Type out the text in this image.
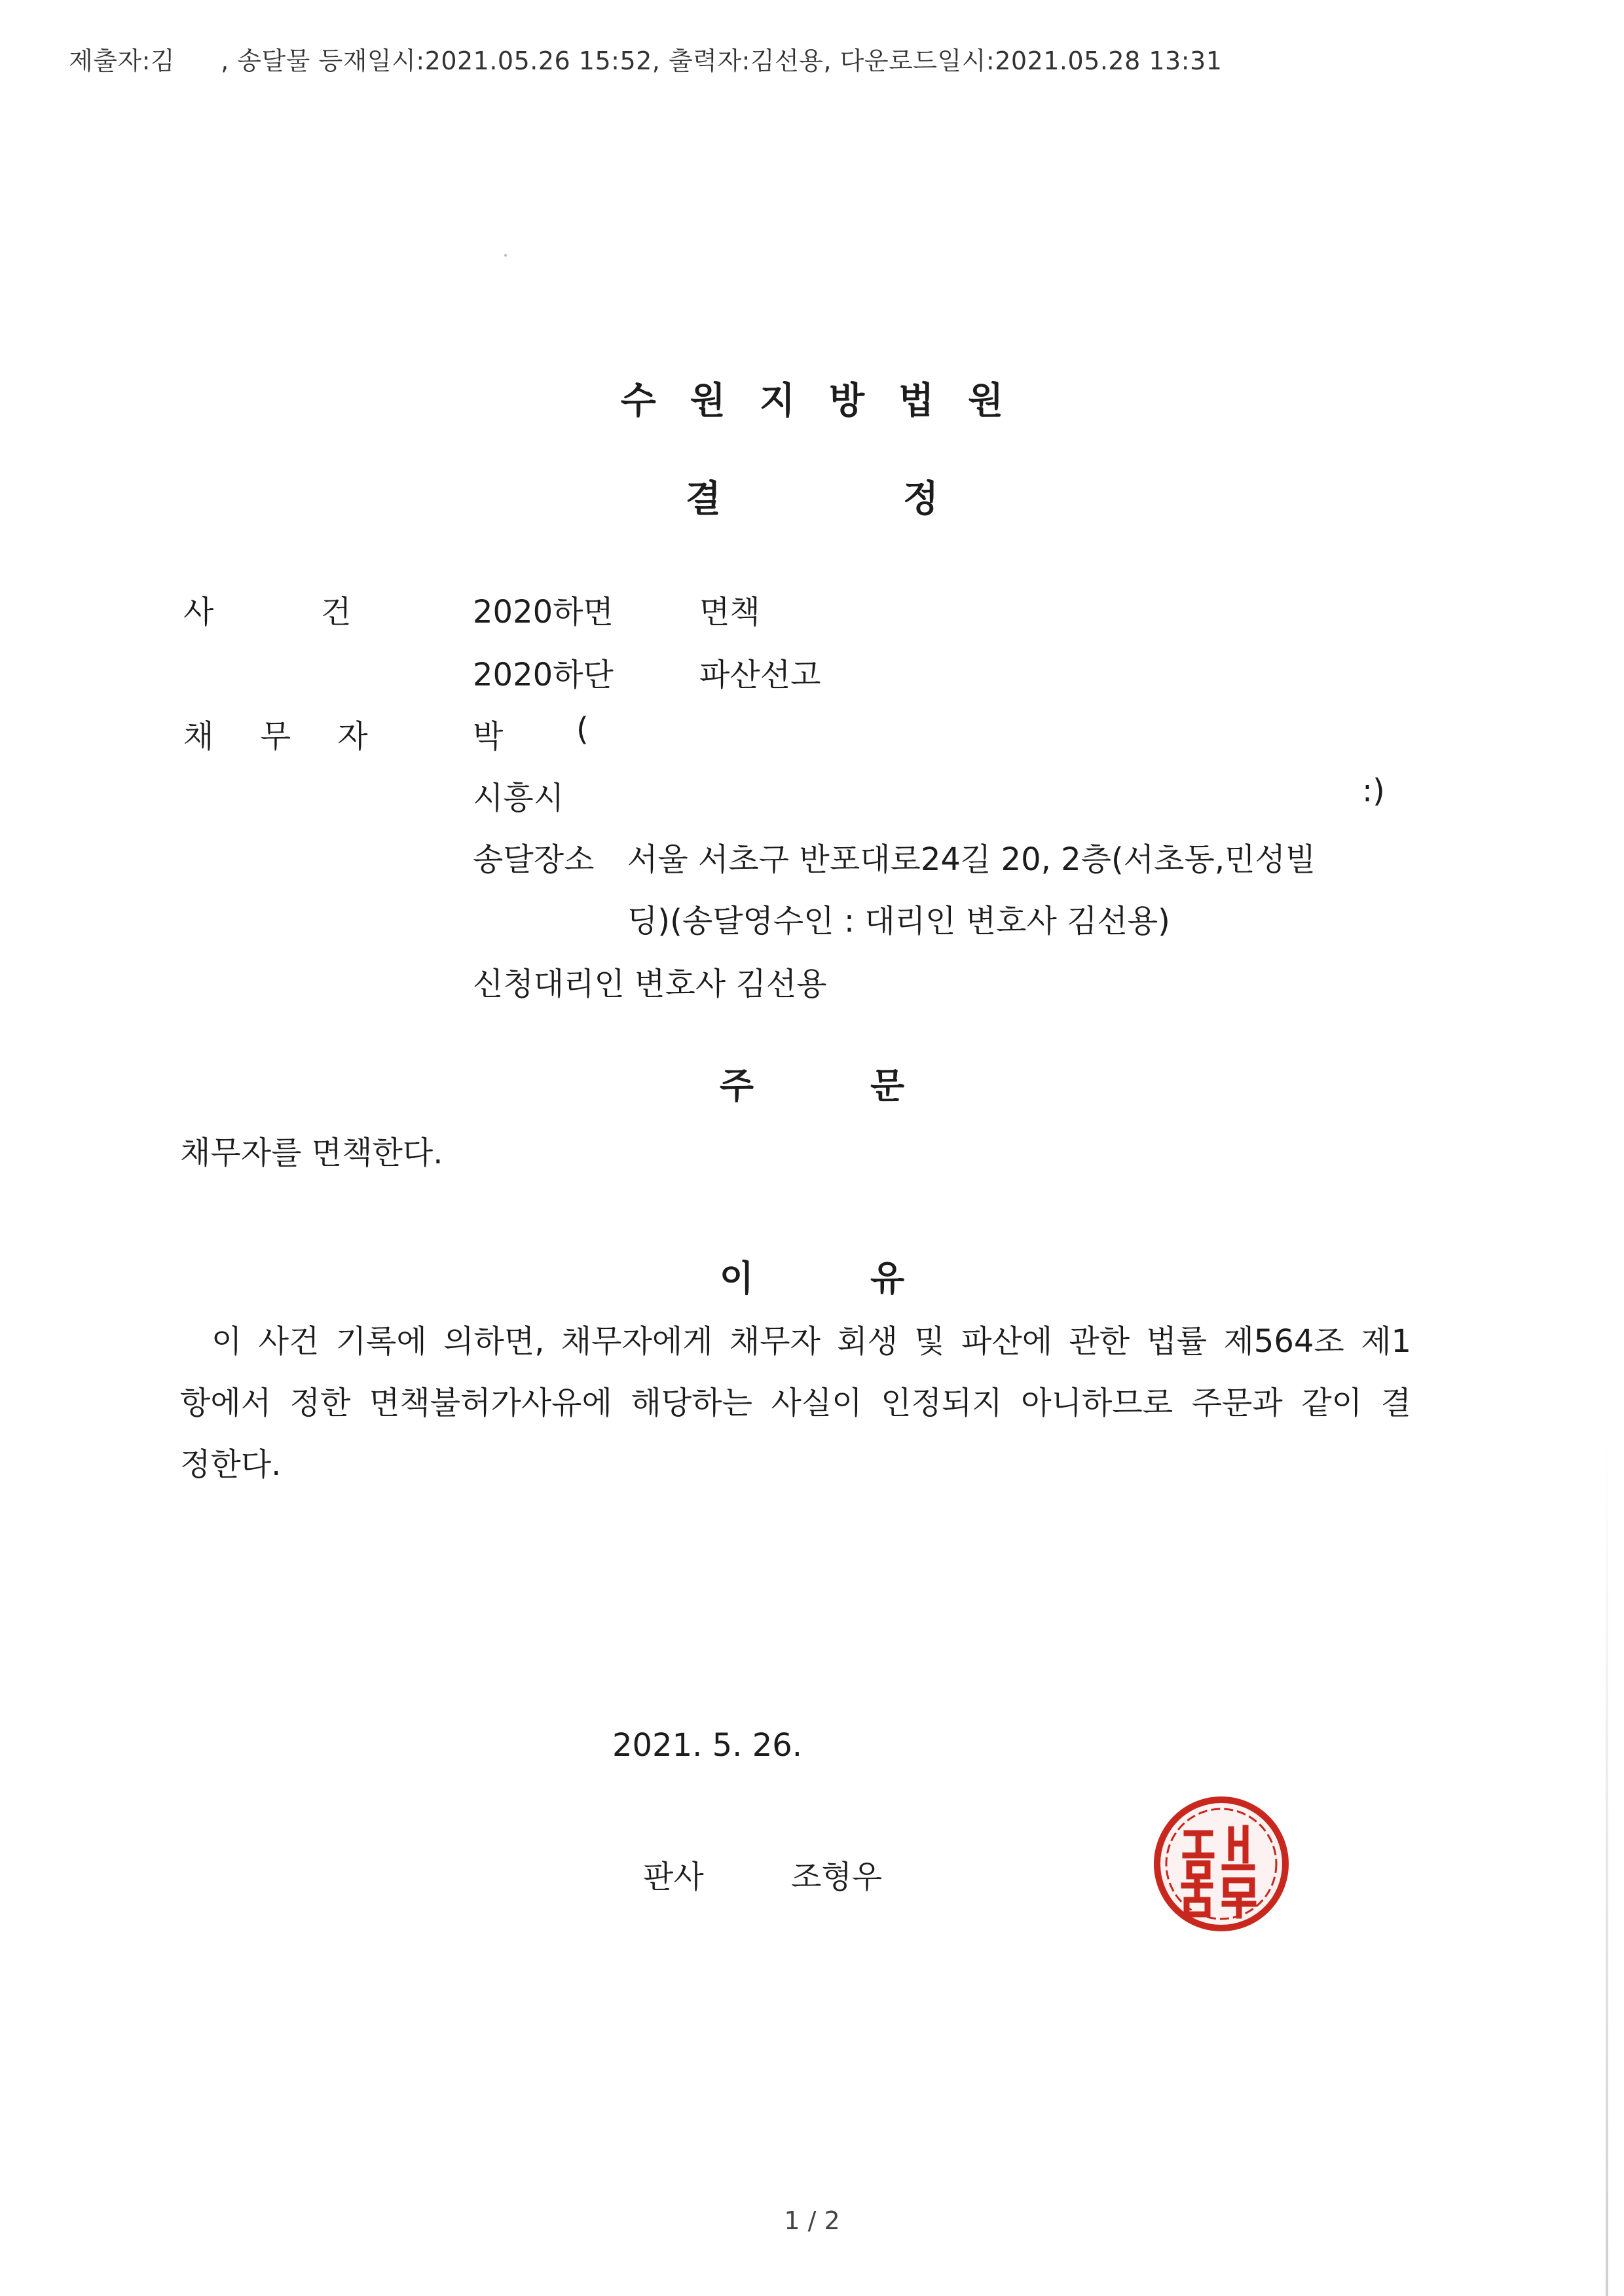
제출자:김 , 송달물 등재일시:2021.05.26 15:52, 출력자:김선용, 다운로드일시:2021.05.28 13:31
수원지방법원
결	정
사	건	2020하면	면책
2020하단	파산선고
채 무 자	박 (
시흥시	:)
송달장소 서울 서초구 반포대로24길 20, 2층(서초동,민성빌
딩)(송달영수인 : 대리인 변호사 김선용)
신청대리인 변호사 김선용
주	문
채무자를 면책한다.
이	유
이 사건 기록에 의하면, 채무자에게 채무자 회생 및 파산에 관한 법률 제564조 제1
항에서 정한 면책불허가사유에 해당하는 사실이 인정되지 아니하므로 주문과 같이 결
정한다.
2021. 5. 26.
판사	조형우
1 / 2
